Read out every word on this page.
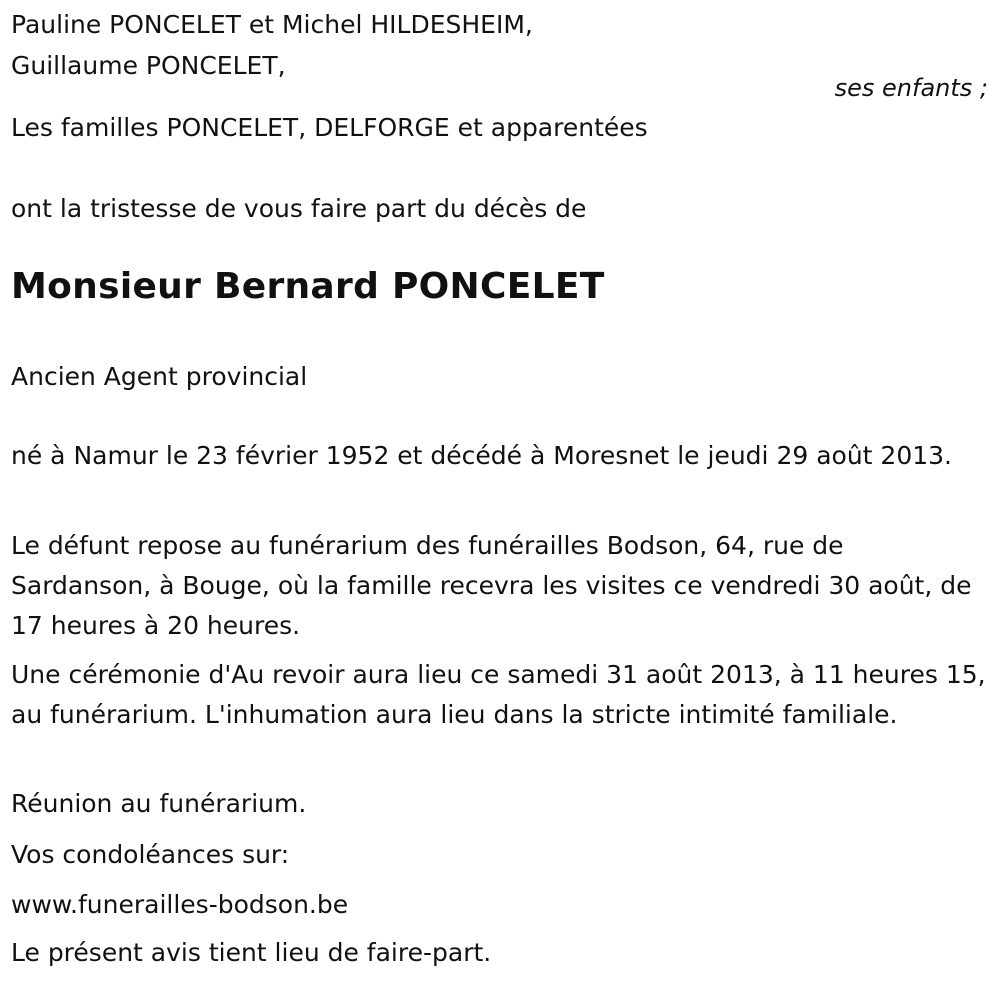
Pauline PONCELET et Michel HILDESHEIM,
Guillaume PONCELET,
ses enfants ;
Les familles PONCELET, DELFORGE et apparentées
ont la tristesse de vous faire part du décès de
Monsieur Bernard PONCELET
Ancien Agent provincial

né à Namur le 23 février 1952 et décédé à Moresnet le jeudi 29 août 2013.

Le défunt repose au funérarium des funérailles Bodson, 64, rue de Sardanson, à Bouge, où la famille recevra les visites ce vendredi 30 août, de 17 heures à 20 heures.

Une cérémonie d'Au revoir aura lieu ce samedi 31 août 2013, à 11 heures 15, au funérarium. L'inhumation aura lieu dans la stricte intimité familiale.

Réunion au funérarium.

Vos condoléances sur:

www.funerailles-bodson.be

Le présent avis tient lieu de faire-part.
